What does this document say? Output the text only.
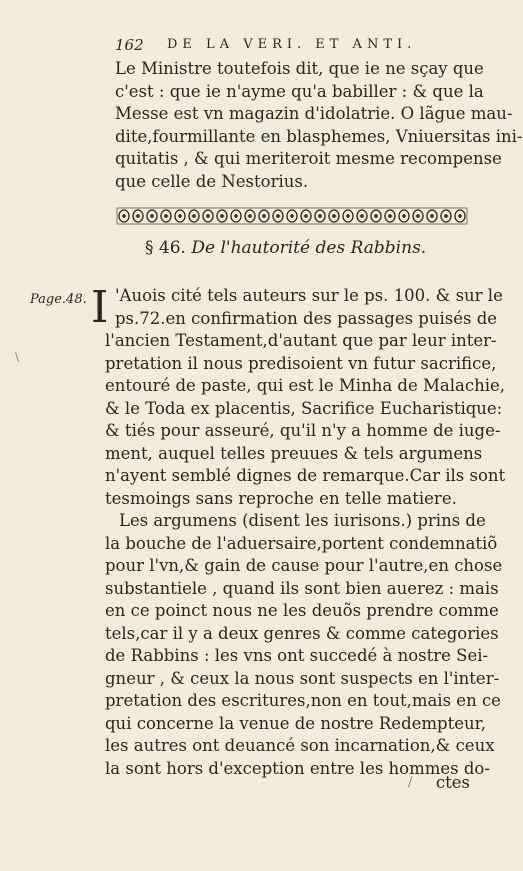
162 DE LA VERI. ET ANTI.
Le Ministre toutefois dit, que ie ne sçay que
c'est : que ie n'ayme qu'a babiller : & que la
Messe est vn magazin d'idolatrie. O lãgue mau-
dite,fourmillante en blasphemes, Vniuersitas ini-
quitatis , & qui meriteroit mesme recompense
que celle de Nestorius.
§ 46. De l'hautorité des Rabbins.
Page.48. I 'Auois cité tels auteurs sur le ps. 100. & sur le
ps.72.en confirmation des passages puisés de
l'ancien Testament,d'autant que par leur inter-
pretation il nous predisoient vn futur sacrifice,
entouré de paste, qui est le Minha de Malachie,
& le Toda ex placentis, Sacrifice Eucharistique:
& tiés pour asseuré, qu'il n'y a homme de iuge-
ment, auquel telles preuues & tels argumens
n'ayent semblé dignes de remarque.Car ils sont
tesmoings sans reproche en telle matiere.
Les argumens (disent les iurisons.) prins de
la bouche de l'aduersaire,portent condemnatiõ
pour l'vn,& gain de cause pour l'autre,en chose
substantiele , quand ils sont bien auerez : mais
en ce poinct nous ne les deuõs prendre comme
tels,car il y a deux genres & comme categories
de Rabbins : les vns ont succedé à nostre Sei-
gneur , & ceux la nous sont suspects en l'inter-
pretation des escritures,non en tout,mais en ce
qui concerne la venue de nostre Redempteur,
les autres ont deuancé son incarnation,& ceux
la sont hors d'exception entre les hommes do-
ctes
\
/
